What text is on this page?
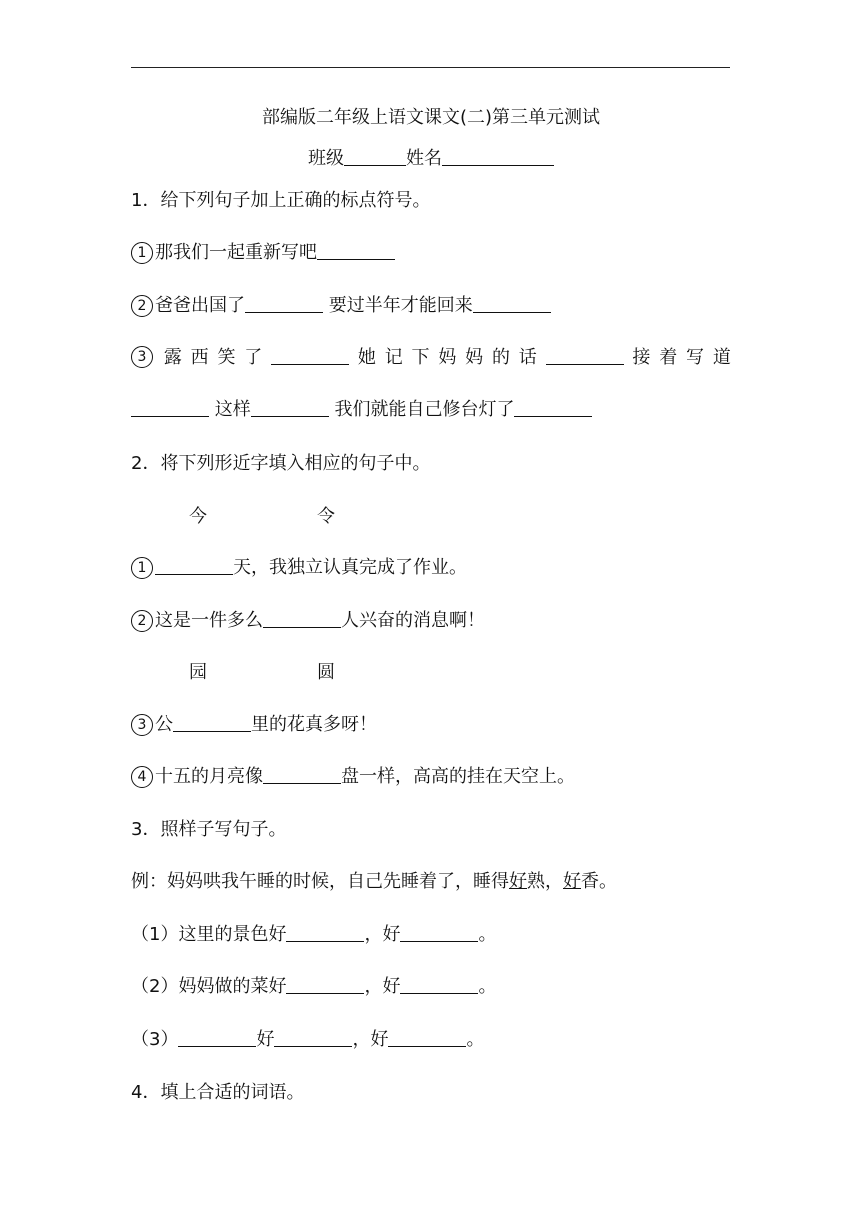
部编版二年级上语文课文(二)第三单元测试
班级	姓名
1．给下列句子加上正确的标点符号。
1 那我们一起重新写吧
2 爸爸出国了	要过半年才能回来
3 露 西 笑 了	她 记 下 妈 妈 的 话	接 着 写 道
这样	我们就能自己修台灯了
2．将下列形近字填入相应的句子中。
今	令
1	天，我独立认真完成了作业。
2 这是一件多么	人兴奋的消息啊！
园	圆
3 公	里的花真多呀！
4 十五的月亮像	盘一样，高高的挂在天空上。
3．照样子写句子。
例：妈妈哄我午睡的时候，自己先睡着了，睡得好熟，好香。
（1）这里的景色好	，好	。
（2）妈妈做的菜好	，好	。
（3）	好	，好	。
4．填上合适的词语。
